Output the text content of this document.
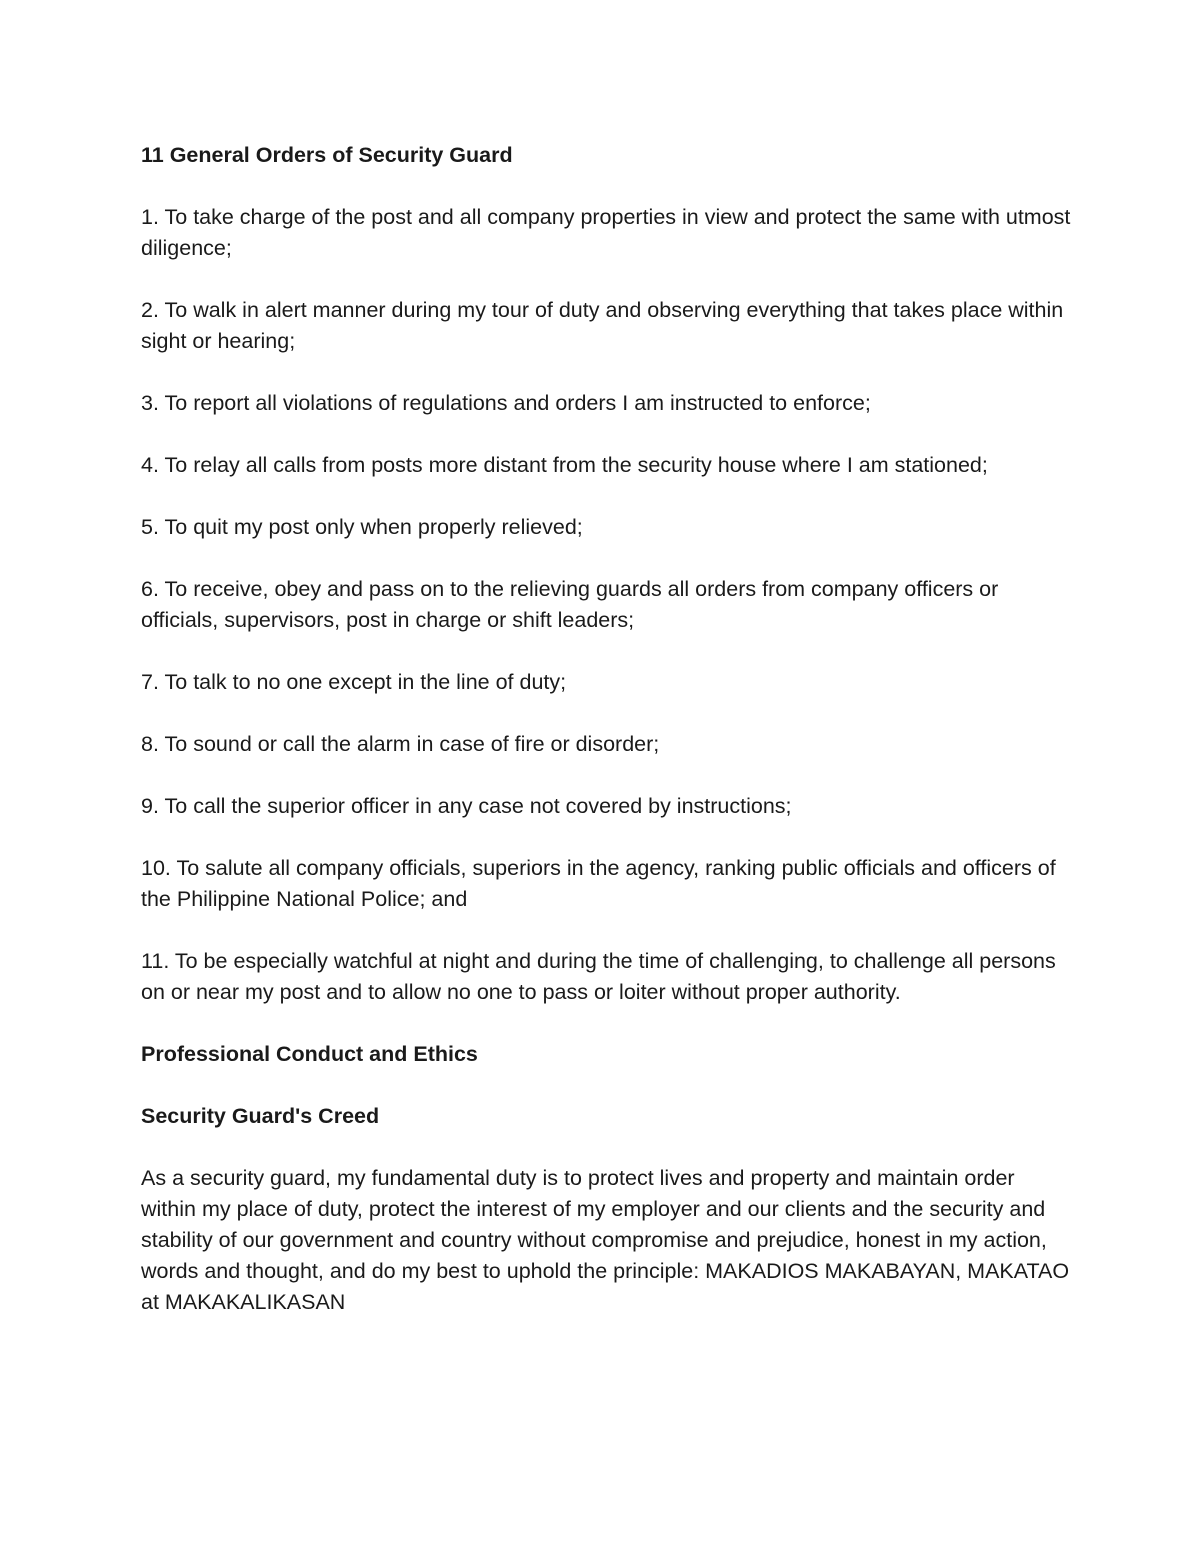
11 General Orders of Security Guard

1. To take charge of the post and all company properties in view and protect the same with utmost diligence;

2. To walk in alert manner during my tour of duty and observing everything that takes place within sight or hearing;

3. To report all violations of regulations and orders I am instructed to enforce;

4. To relay all calls from posts more distant from the security house where I am stationed;

5. To quit my post only when properly relieved;

6. To receive, obey and pass on to the relieving guards all orders from company officers or officials, supervisors, post in charge or shift leaders;

7. To talk to no one except in the line of duty;

8. To sound or call the alarm in case of fire or disorder;

9. To call the superior officer in any case not covered by instructions;

10. To salute all company officials, superiors in the agency, ranking public officials and officers of the Philippine National Police; and

11. To be especially watchful at night and during the time of challenging, to challenge all persons on or near my post and to allow no one to pass or loiter without proper authority.

Professional Conduct and Ethics

Security Guard's Creed

As a security guard, my fundamental duty is to protect lives and property and maintain order within my place of duty, protect the interest of my employer and our clients and the security and stability of our government and country without compromise and prejudice, honest in my action, words and thought, and do my best to uphold the principle: MAKADIOS MAKABAYAN, MAKATAO at MAKAKALIKASAN
